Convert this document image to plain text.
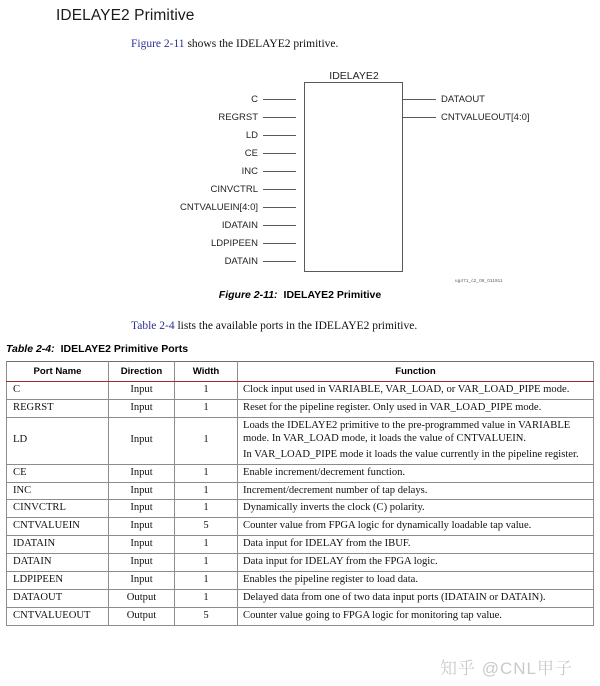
IDELAYE2 Primitive
Figure 2-11 shows the IDELAYE2 primitive.
IDELAYE2
C
REGRST
LD
CE
INC
CINVCTRL
CNTVALUEIN[4:0]
IDATAIN
LDPIPEEN
DATAIN
DATAOUT
CNTVALUEOUT[4:0]
ug471_c2_09_011911
Figure 2-11: IDELAYE2 Primitive
Table 2-4 lists the available ports in the IDELAYE2 primitive.
Table 2-4: IDELAYE2 Primitive Ports
Port Name	Direction	Width	Function
C	Input	1	Clock input used in VARIABLE, VAR_LOAD, or VAR_LOAD_PIPE mode.

REGRST	Input	1	Reset for the pipeline register. Only used in VAR_LOAD_PIPE mode.

LD	Input	1	Loads the IDELAYE2 primitive to the pre-programmed value in VARIABLE mode. In VAR_LOAD mode, it loads the value of CNTVALUEIN.
In VAR_LOAD_PIPE mode it loads the value currently in the pipeline register.

CE	Input	1	Enable increment/decrement function.

INC	Input	1	Increment/decrement number of tap delays.

CINVCTRL	Input	1	Dynamically inverts the clock (C) polarity.

CNTVALUEIN	Input	5	Counter value from FPGA logic for dynamically loadable tap value.

IDATAIN	Input	1	Data input for IDELAY from the IBUF.

DATAIN	Input	1	Data input for IDELAY from the FPGA logic.

LDPIPEEN	Input	1	Enables the pipeline register to load data.

DATAOUT	Output	1	Delayed data from one of two data input ports (IDATAIN or DATAIN).

CNTVALUEOUT	Output	5	Counter value going to FPGA logic for monitoring tap value.
知乎 @CNL甲子
